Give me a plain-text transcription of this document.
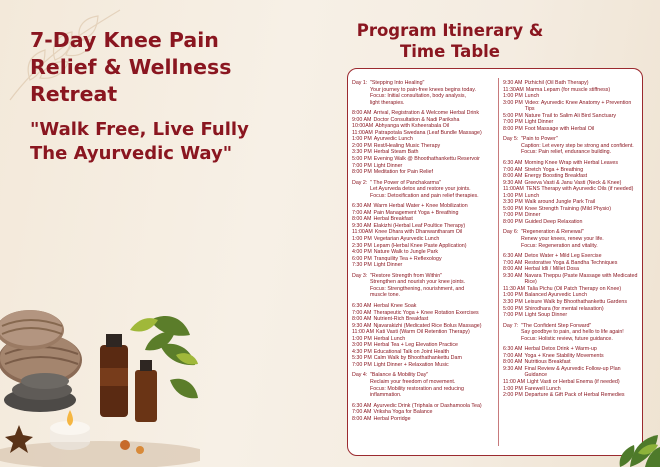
7-Day Knee Pain
Relief & Wellness
Retreat
"Walk Free, Live Fully
The Ayurvedic Way"
Program Itinerary &
Time Table
Day 1: "Stepping Into Healing"
Your journey to pain-free knees begins today.
Focus: Initial consultation, body analysis,
light therapies.
8:00 AM Arrival, Registration & Welcome Herbal Drink
9:00 AM Doctor Consultation & Nadi Pariksha
10:00AM Abhyanga with Ksheerabala Oil
11:00AM Patrapotala Swedana (Leaf Bundle Massage)
1:00 PM Ayurvedic Lunch
2:00 PM Rest/Healing Music Therapy
3:30 PM Herbal Steam Bath
5:00 PM Evening Walk @ Bhoothathankettu Reservoir
7:00 PM Light Dinner
8:00 PM Meditation for Pain Relief
Day 2: " The Power of Panchakarma"
Let Ayurveda detox and restore your joints.
Focus: Detoxification and pain relief therapies.
6:30 AM Warm Herbal Water + Knee Mobilization
7:00 AM Pain Management Yoga + Breathing
8:00 AM Herbal Breakfast
9:30 AM Elakizhi (Herbal Leaf Poultice Therapy)
11:00AM Knee Dhara with Dhanwantharam Oil
1:00 PM Vegetarian Ayurvedic Lunch
2:30 PM Lepam (Herbal Knee Paste Application)
4:00 PM Nature Walk to Jungle Park
6:00 PM Tranquility Tea + Reflexology
7:30 PM Light Dinner
Day 3: "Restore Strength from Within"
Strengthen and nourish your knee joints.
Focus: Strengthening, nourishment, and
muscle tone.
6:30 AM Herbal Knee Soak
7:00 AM Therapeutic Yoga + Knee Rotation Exercises
8:00 AM Nutrient-Rich Breakfast
9:30 AM Njavarakizhi (Medicated Rice Bolus Massage)
11:00 AM Kati Vasti (Warm Oil Retention Therapy)
1:00 PM Herbal Lunch
3:00 PM Herbal Tea + Leg Elevation Practice
4:30 PM Educational Talk on Joint Health
5:30 PM Calm Walk by Bhoothathankettu Dam
7:00 PM Light Dinner + Relaxation Music
Day 4: "Balance & Mobility Day"
Reclaim your freedom of movement.
Focus: Mobility restoration and reducing
inflammation.
6:30 AM Ayurvedic Drink (Triphala or Dashamoola Tea)
7:00 AM Vriksha Yoga for Balance
8:00 AM Herbal Porridge
9:30 AM Pizhichil (Oil Bath Therapy)
11:30AM Marma Lepam (for muscle stiffness)
1:00 PM Lunch
3:00 PM Video: Ayurvedic Knee Anatomy + Prevention Tips
5:00 PM Nature Trail to Salim Ali Bird Sanctuary
7:00 PM Light Dinner
8:00 PM Foot Massage with Herbal Oil
Day 5: "Pain to Power"
Caption: Let every step be strong and confident.
Focus: Pain relief, endurance building.
6:30 AM Morning Knee Wrap with Herbal Leaves
7:00 AM Stretch Yoga + Breathing
8:00 AM Energy Boosting Breakfast
9:30 AM Greeva Vasti & Janu Vasti (Neck & Knee)
11:00AM TENS Therapy with Ayurvedic Oils (if needed)
1:00 PM Lunch
3:30 PM Walk around Jungle Park Trail
5:00 PM Knee Strength Training (Mild Physio)
7:00 PM Dinner
8:00 PM Guided Deep Relaxation
Day 6: "Regeneration & Renewal"
Renew your knees, renew your life.
Focus: Regeneration and vitality.
6:30 AM Detox Water + Mild Leg Exercise
7:00 AM Restorative Yoga & Bandha Techniques
8:00 AM Herbal Idli / Millet Dosa
9:30 AM Navara Theppu (Paste Massage with Medicated Rice)
11:30 AM Talia Pichu (Oil Patch Therapy on Knee)
1:00 PM Balanced Ayurvedic Lunch
3:30 PM Leisure Walk by Bhoothathankettu Gardens
5:00 PM Shirodhara (for mental relaxation)
7:00 PM Light Soup Dinner
Day 7: "The Confident Step Forward"
Say goodbye to pain, and hello to life again!
Focus: Holistic review, future guidance.
6:30 AM Herbal Detox Drink + Warm-up
7:00 AM Yoga + Knee Stability Movements
8:00 AM Nutritious Breakfast
9:30 AM Final Review & Ayurvedic Follow-up Plan Guidance
11:00 AM Light Vasti or Herbal Enema (if needed)
1:00 PM Farewell Lunch
2:00 PM Departure & Gift Pack of Herbal Remedies
